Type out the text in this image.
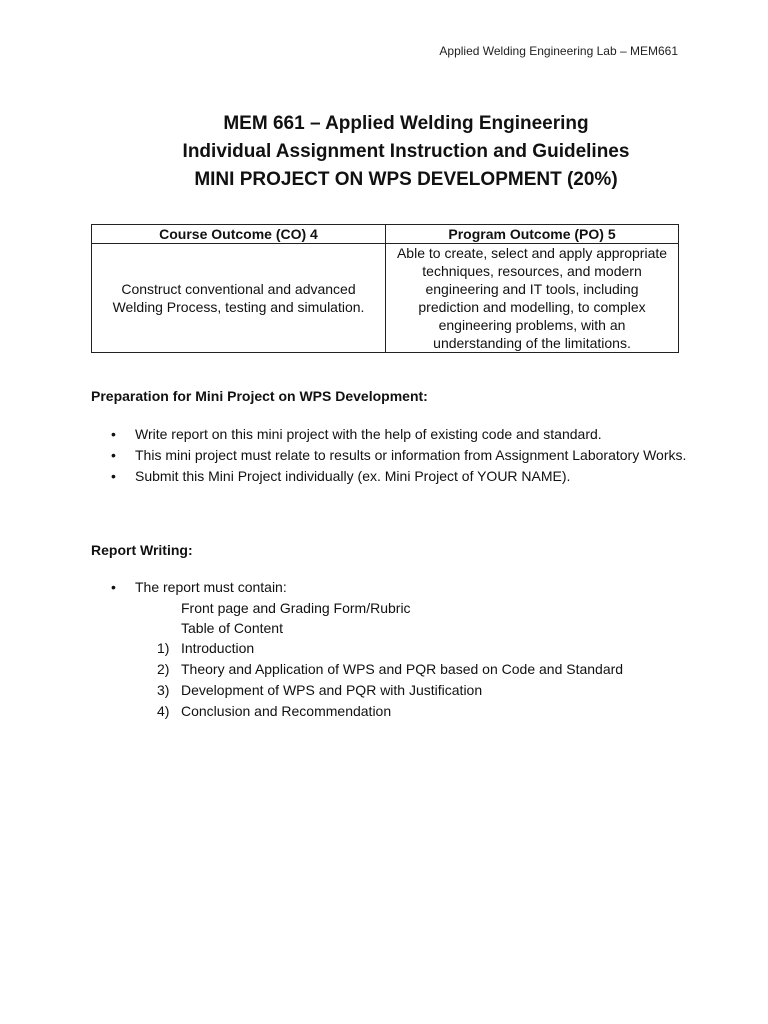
Applied Welding Engineering Lab – MEM661
MEM 661 – Applied Welding Engineering
Individual Assignment Instruction and Guidelines
MINI PROJECT ON WPS DEVELOPMENT (20%)
Course Outcome (CO) 4	Program Outcome (PO) 5
Construct conventional and advanced Welding Process, testing and simulation.	Able to create, select and apply appropriate techniques, resources, and modern engineering and IT tools, including prediction and modelling, to complex engineering problems, with an understanding of the limitations.
Preparation for Mini Project on WPS Development:
• Write report on this mini project with the help of existing code and standard.
• This mini project must relate to results or information from Assignment Laboratory Works.
• Submit this Mini Project individually (ex. Mini Project of YOUR NAME).
Report Writing:
• The report must contain:
Front page and Grading Form/Rubric
Table of Content
1) Introduction
2) Theory and Application of WPS and PQR based on Code and Standard
3) Development of WPS and PQR with Justification
4) Conclusion and Recommendation
